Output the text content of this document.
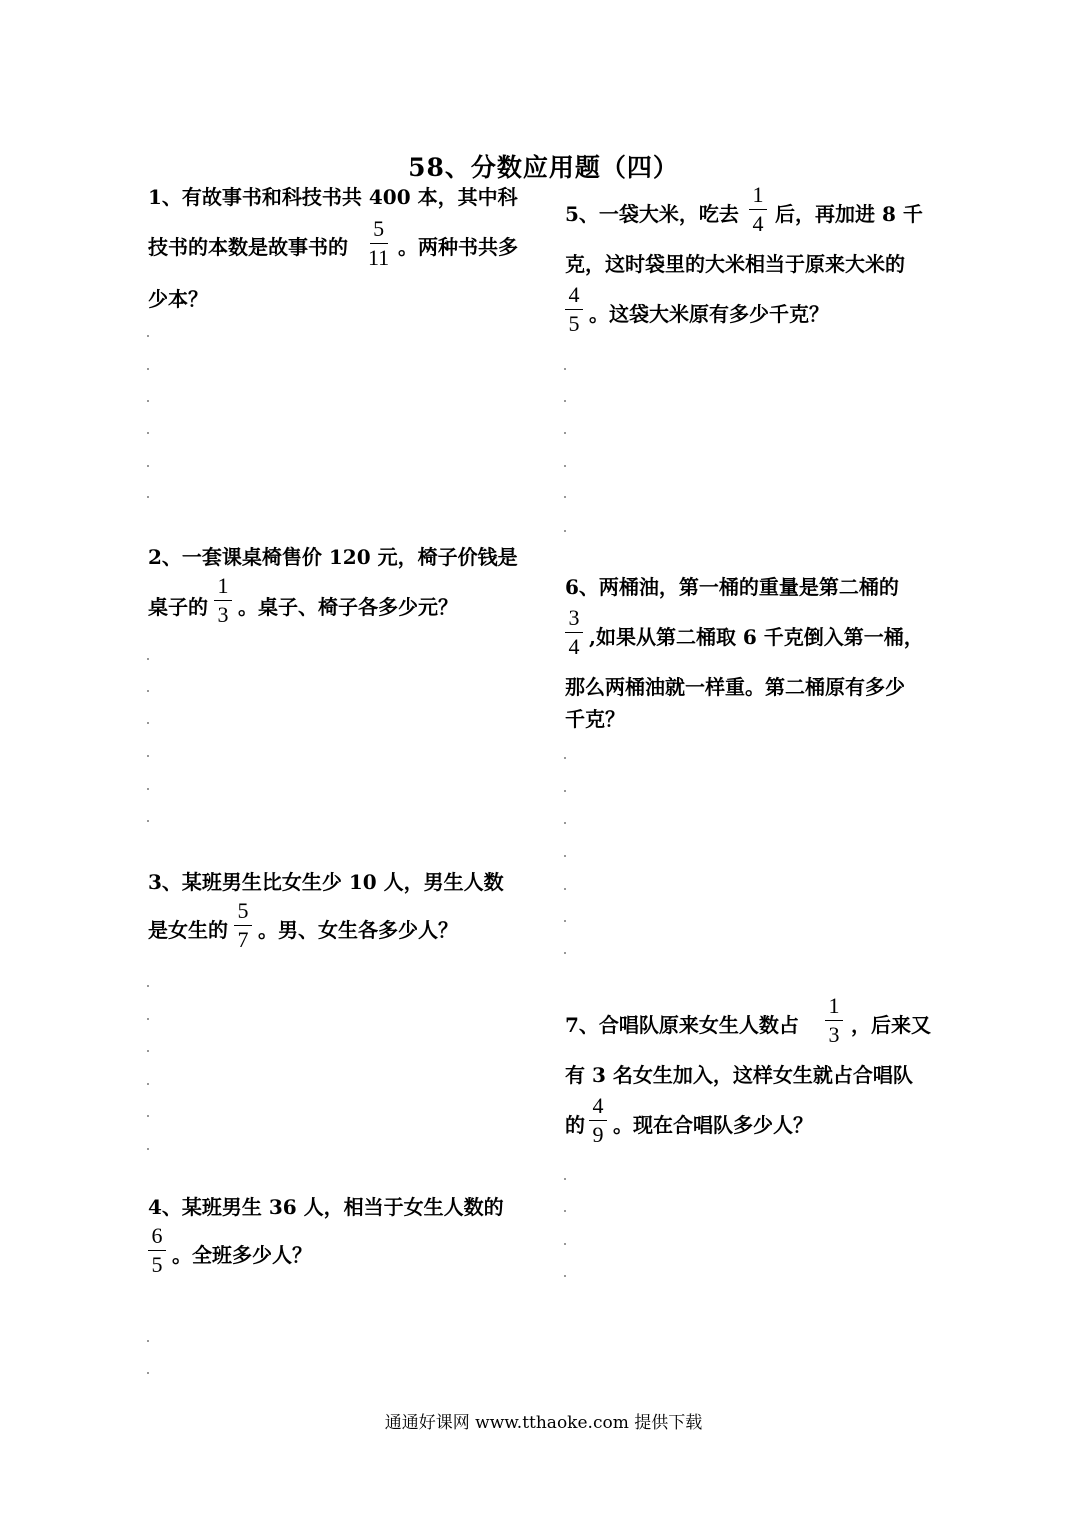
58、分数应用题（四）
1、有故事书和科技书共 400 本，其中科
技书的本数是故事书的 $\frac{5}{11}$ 。两种书共多
少本？
2、一套课桌椅售价 120 元，椅子价钱是
桌子的 $\frac{1}{3}$ 。桌子、椅子各多少元？
3、某班男生比女生少 10 人，男生人数
是女生的 $\frac{5}{7}$ 。男、女生各多少人？
4、某班男生 36 人，相当于女生人数的
$\frac{6}{5}$ 。全班多少人？
5、一袋大米，吃去 $\frac{1}{4}$ 后，再加进 8 千
克，这时袋里的大米相当于原来大米的
$\frac{4}{5}$ 。这袋大米原有多少千克？
6、两桶油，第一桶的重量是第二桶的
$\frac{3}{4}$ ,如果从第二桶取 6 千克倒入第一桶，
那么两桶油就一样重。第二桶原有多少
千克？
7、合唱队原来女生人数占 $\frac{1}{3}$ ，后来又
有 3 名女生加入，这样女生就占合唱队
的 $\frac{4}{9}$ 。现在合唱队多少人？
通通好课网 www.tthaoke.com 提供下载
